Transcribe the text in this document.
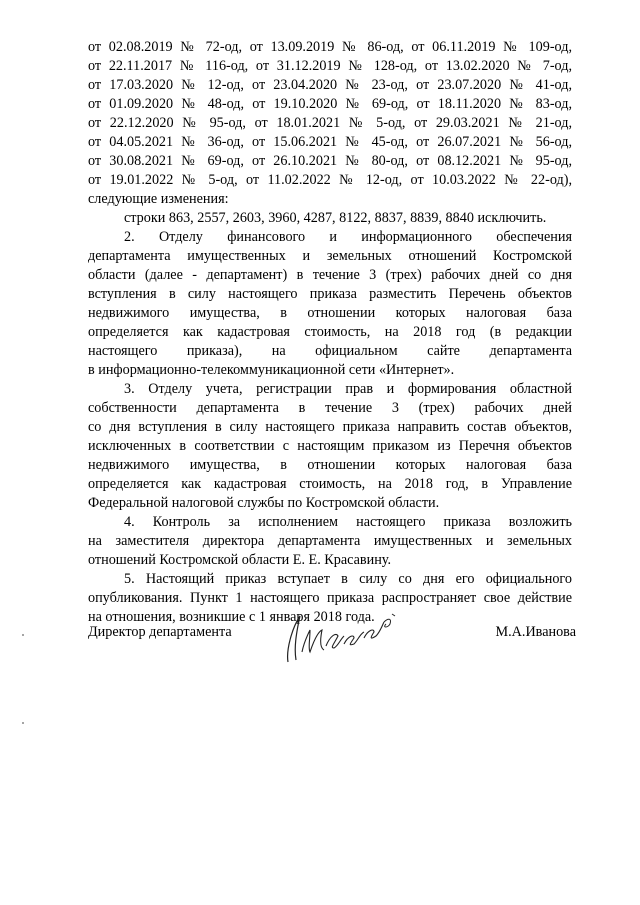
от 02.08.2019 № 72-од, от 13.09.2019 № 86-од, от 06.11.2019 № 109-од,
от 22.11.2017 № 116-од, от 31.12.2019 № 128-од, от 13.02.2020 № 7-од,
от 17.03.2020 № 12-од, от 23.04.2020 № 23-од, от 23.07.2020 № 41-од,
от 01.09.2020 № 48-од, от 19.10.2020 № 69-од, от 18.11.2020 № 83-од,
от 22.12.2020 № 95-од, от 18.01.2021 № 5-од, от 29.03.2021 № 21-од,
от 04.05.2021 № 36-од, от 15.06.2021 № 45-од, от 26.07.2021 № 56-од,
от 30.08.2021 № 69-од, от 26.10.2021 № 80-од, от 08.12.2021 № 95-од,
от 19.01.2022 № 5-од, от 11.02.2022 № 12-од, от 10.03.2022 № 22-од),
следующие изменения:
строки 863, 2557, 2603, 3960, 4287, 8122, 8837, 8839, 8840 исключить.
2. Отделу финансового и информационного обеспечения
департамента имущественных и земельных отношений Костромской
области (далее - департамент) в течение 3 (трех) рабочих дней со дня
вступления в силу настоящего приказа разместить Перечень объектов
недвижимого имущества, в отношении которых налоговая база
определяется как кадастровая стоимость, на 2018 год (в редакции
настоящего приказа), на официальном сайте департамента
в информационно-телекоммуникационной сети «Интернет».
3. Отделу учета, регистрации прав и формирования областной
собственности департамента в течение 3 (трех) рабочих дней
со дня вступления в силу настоящего приказа направить состав объектов,
исключенных в соответствии с настоящим приказом из Перечня объектов
недвижимого имущества, в отношении которых налоговая база
определяется как кадастровая стоимость, на 2018 год, в Управление
Федеральной налоговой службы по Костромской области.
4. Контроль за исполнением настоящего приказа возложить
на заместителя директора департамента имущественных и земельных
отношений Костромской области Е. Е. Красавину.
5. Настоящий приказ вступает в силу со дня его официального
опубликования. Пункт 1 настоящего приказа распространяет свое действие
на отношения, возникшие с 1 января 2018 года.
Директор департамента	М.А.Иванова
